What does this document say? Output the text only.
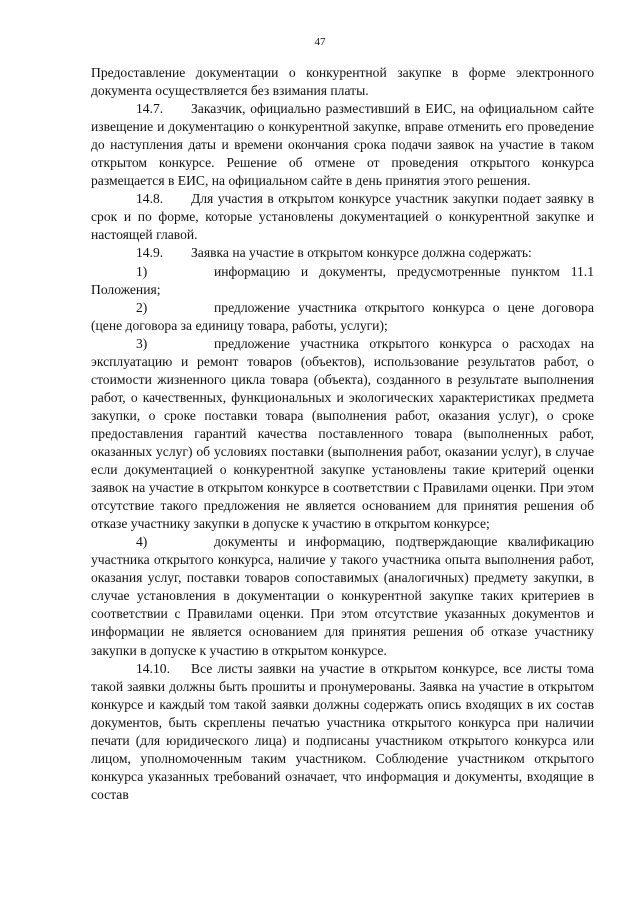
47

Предоставление документации о конкурентной закупке в форме электронного документа осуществляется без взимания платы.

14.7. Заказчик, официально разместивший в ЕИС, на официальном сайте извещение и документацию о конкурентной закупке, вправе отменить его проведение до наступления даты и времени окончания срока подачи заявок на участие в таком открытом конкурсе. Решение об отмене от проведения открытого конкурса размещается в ЕИС, на официальном сайте в день принятия этого решения.

14.8. Для участия в открытом конкурсе участник закупки подает заявку в срок и по форме, которые установлены документацией о конкурентной закупке и настоящей главой.

14.9. Заявка на участие в открытом конкурсе должна содержать:

1)	информацию и документы, предусмотренные пунктом 11.1 Положения;

2)	предложение участника открытого конкурса о цене договора (цене договора за единицу товара, работы, услуги);

3)	предложение участника открытого конкурса о расходах на эксплуатацию и ремонт товаров (объектов), использование результатов работ, о стоимости жизненного цикла товара (объекта), созданного в результате выполнения работ, о качественных, функциональных и экологических характеристиках предмета закупки, о сроке поставки товара (выполнения работ, оказания услуг), о сроке предоставления гарантий качества поставленного товара (выполненных работ, оказанных услуг) об условиях поставки (выполнения работ, оказании услуг), в случае если документацией о конкурентной закупке установлены такие критерий оценки заявок на участие в открытом конкурсе в соответствии с Правилами оценки. При этом отсутствие такого предложения не является основанием для принятия решения об отказе участнику закупки в допуске к участию в открытом конкурсе;

4)	документы и информацию, подтверждающие квалификацию участника открытого конкурса, наличие у такого участника опыта выполнения работ, оказания услуг, поставки товаров сопоставимых (аналогичных) предмету закупки, в случае установления в документации о конкурентной закупке таких критериев в соответствии с Правилами оценки. При этом отсутствие указанных документов и информации не является основанием для принятия решения об отказе участнику закупки в допуске к участию в открытом конкурсе.

14.10. Все листы заявки на участие в открытом конкурсе, все листы тома такой заявки должны быть прошиты и пронумерованы. Заявка на участие в открытом конкурсе и каждый том такой заявки должны содержать опись входящих в их состав документов, быть скреплены печатью участника открытого конкурса при наличии печати (для юридического лица) и подписаны участником открытого конкурса или лицом, уполномоченным таким участником. Соблюдение участником открытого конкурса указанных требований означает, что информация и документы, входящие в состав
